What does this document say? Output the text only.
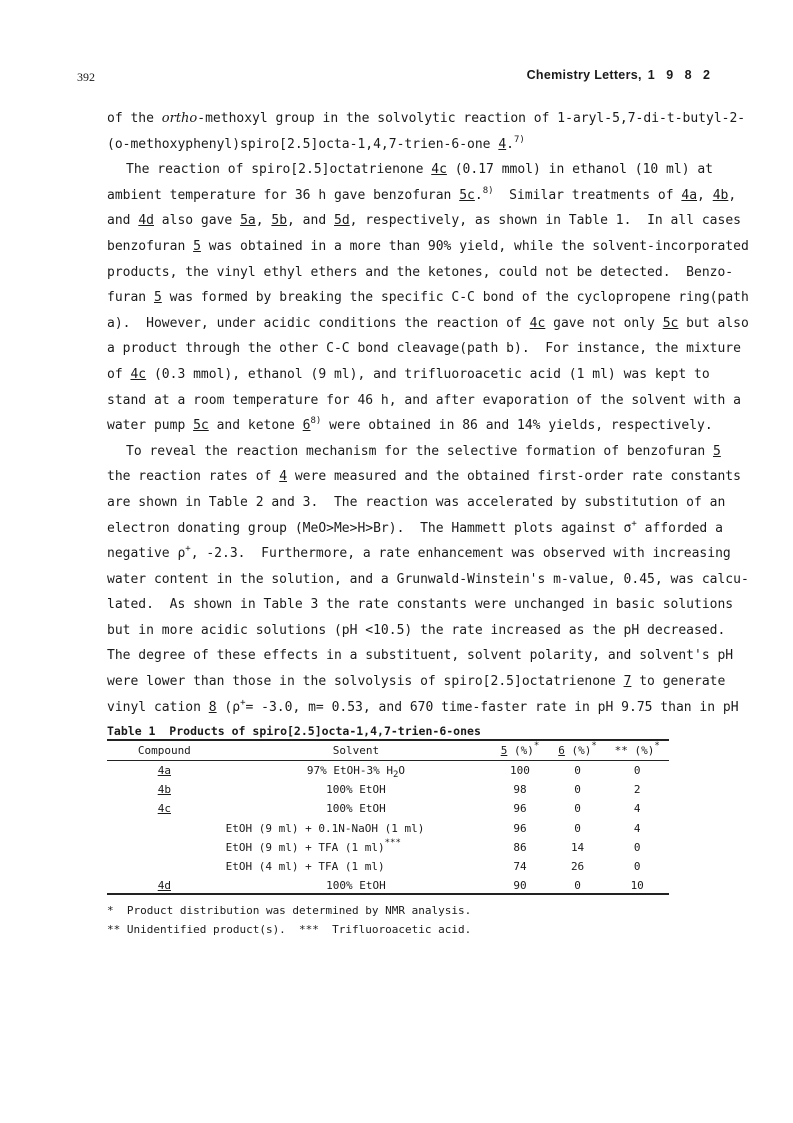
392	Chemistry Letters, 1 9 8 2

of the ortho-methoxyl group in the solvolytic reaction of 1-aryl-5,7-di-t-butyl-2-

(o-methoxyphenyl)spiro[2.5]octa-1,4,7-trien-6-one 4.$^{7)}$

The reaction of spiro[2.5]octatrienone 4c (0.17 mmol) in ethanol (10 ml) at

ambient temperature for 36 h gave benzofuran 5c.$^{8)}$  Similar treatments of 4a, 4b,

and 4d also gave 5a, 5b, and 5d, respectively, as shown in Table 1.  In all cases

benzofuran 5 was obtained in a more than 90% yield, while the solvent-incorporated

products, the vinyl ethyl ethers and the ketones, could not be detected.  Benzo-

furan 5 was formed by breaking the specific C-C bond of the cyclopropene ring(path

a).  However, under acidic conditions the reaction of 4c gave not only 5c but also

a product through the other C-C bond cleavage(path b).  For instance, the mixture

of 4c (0.3 mmol), ethanol (9 ml), and trifluoroacetic acid (1 ml) was kept to

stand at a room temperature for 46 h, and after evaporation of the solvent with a

water pump 5c and ketone 6$^{8)}$ were obtained in 86 and 14% yields, respectively.

To reveal the reaction mechanism for the selective formation of benzofuran 5

the reaction rates of 4 were measured and the obtained first-order rate constants

are shown in Table 2 and 3.  The reaction was accelerated by substitution of an

electron donating group (MeO>Me>H>Br).  The Hammett plots against σ+ afforded a

negative ρ+, -2.3.  Furthermore, a rate enhancement was observed with increasing

water content in the solution, and a Grunwald-Winstein's m-value, 0.45, was calcu-

lated.  As shown in Table 3 the rate constants were unchanged in basic solutions

but in more acidic solutions (pH <10.5) the rate increased as the pH decreased.

The degree of these effects in a substituent, solvent polarity, and solvent's pH

were lower than those in the solvolysis of spiro[2.5]octatrienone 7 to generate

vinyl cation 8 (ρ+= -3.0, m= 0.53, and 670 time-faster rate in pH 9.75 than in pH

Table 1  Products of spiro[2.5]octa-1,4,7-trien-6-ones
Compound	Solvent	5 (%)*	6 (%)*	** (%)*
4a	97% EtOH-3% $H_2O$	100	0	0
4b	100% EtOH	98	0	2
4c	100% EtOH	96	0	4
	EtOH (9 ml) + 0.1N-NaOH (1 ml)	96	0	4
	EtOH (9 ml) + TFA (1 ml)***	86	14	0
	EtOH (4 ml) + TFA (1 ml)	74	26	0
4d	100% EtOH	90	0	10
*  Product distribution was determined by NMR analysis.
** Unidentified product(s).  ***  Trifluoroacetic acid.
